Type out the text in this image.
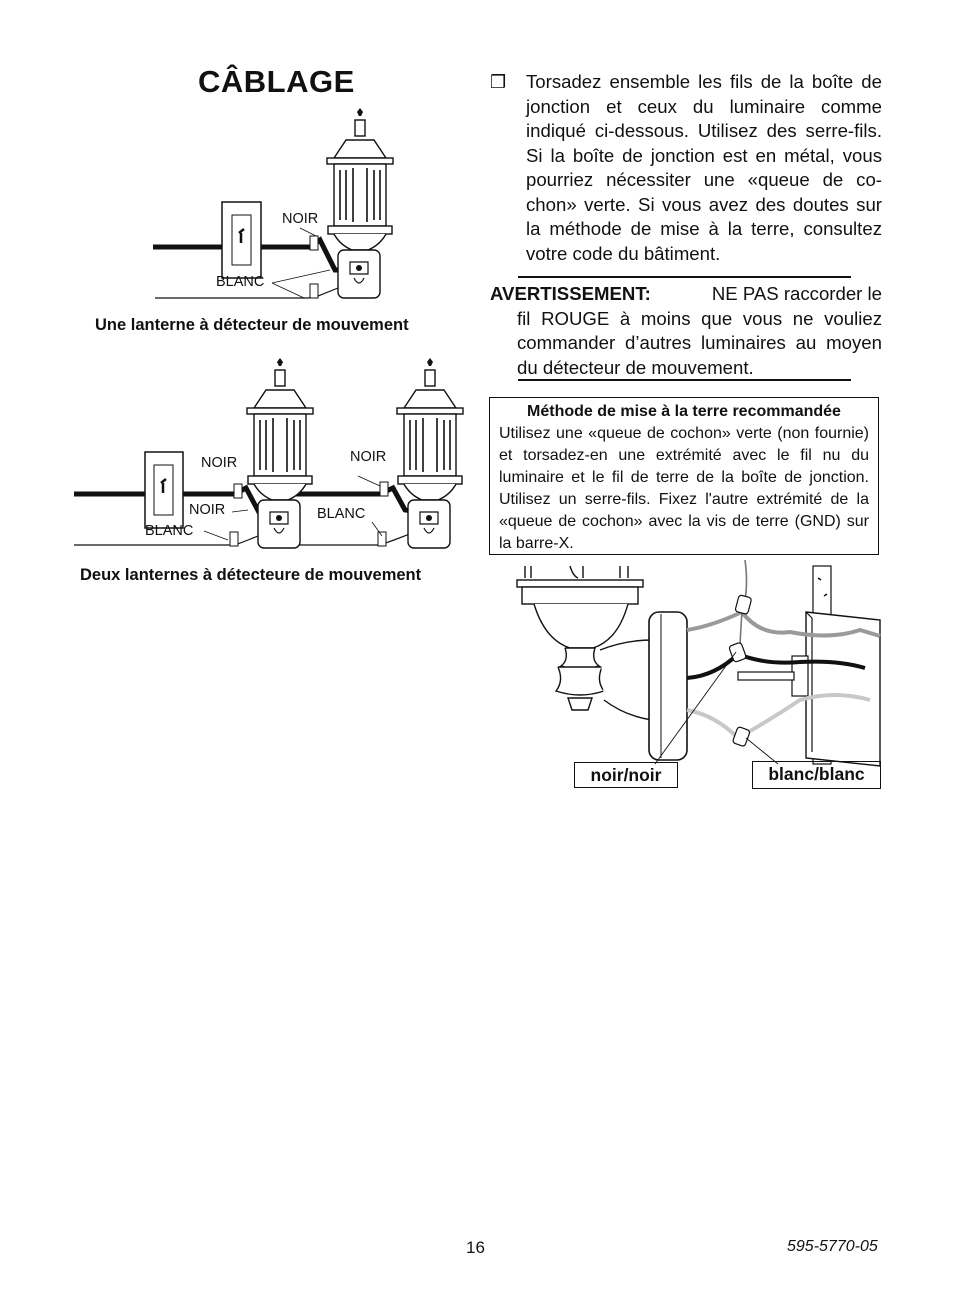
CÂBLAGE
NOIR
BLANC
Une lanterne à détecteur de mouvement
NOIR	NOIR
NOIR	BLANC
BLANC
Deux lanternes à détecteure de mouvement
❒ Torsadez ensemble les fils de la boîte de jonction et ceux du luminaire comme indiqué ci-dessous. Utilisez des serre-fils. Si la boîte de jonction est en métal, vous pourriez nécessiter une «queue de co-chon» verte. Si vous avez des doutes sur la méthode de mise à la terre, consultez votre code du bâtiment.
AVERTISSEMENT:	NE PAS raccorder le
fil ROUGE à moins que vous ne vouliez commander d’autres luminaires au moyen du détecteur de mouvement.
Méthode de mise à la terre recommandée
Utilisez une «queue de cochon» verte (non fournie) et torsadez-en une extrémité avec le fil nu du luminaire et le fil de terre de la boîte de jonction. Utilisez un serre-fils. Fixez l'autre extrémité de la «queue de cochon» avec la vis de terre (GND) sur la barre-X.
noir/noir	blanc/blanc
16	595-5770-05
